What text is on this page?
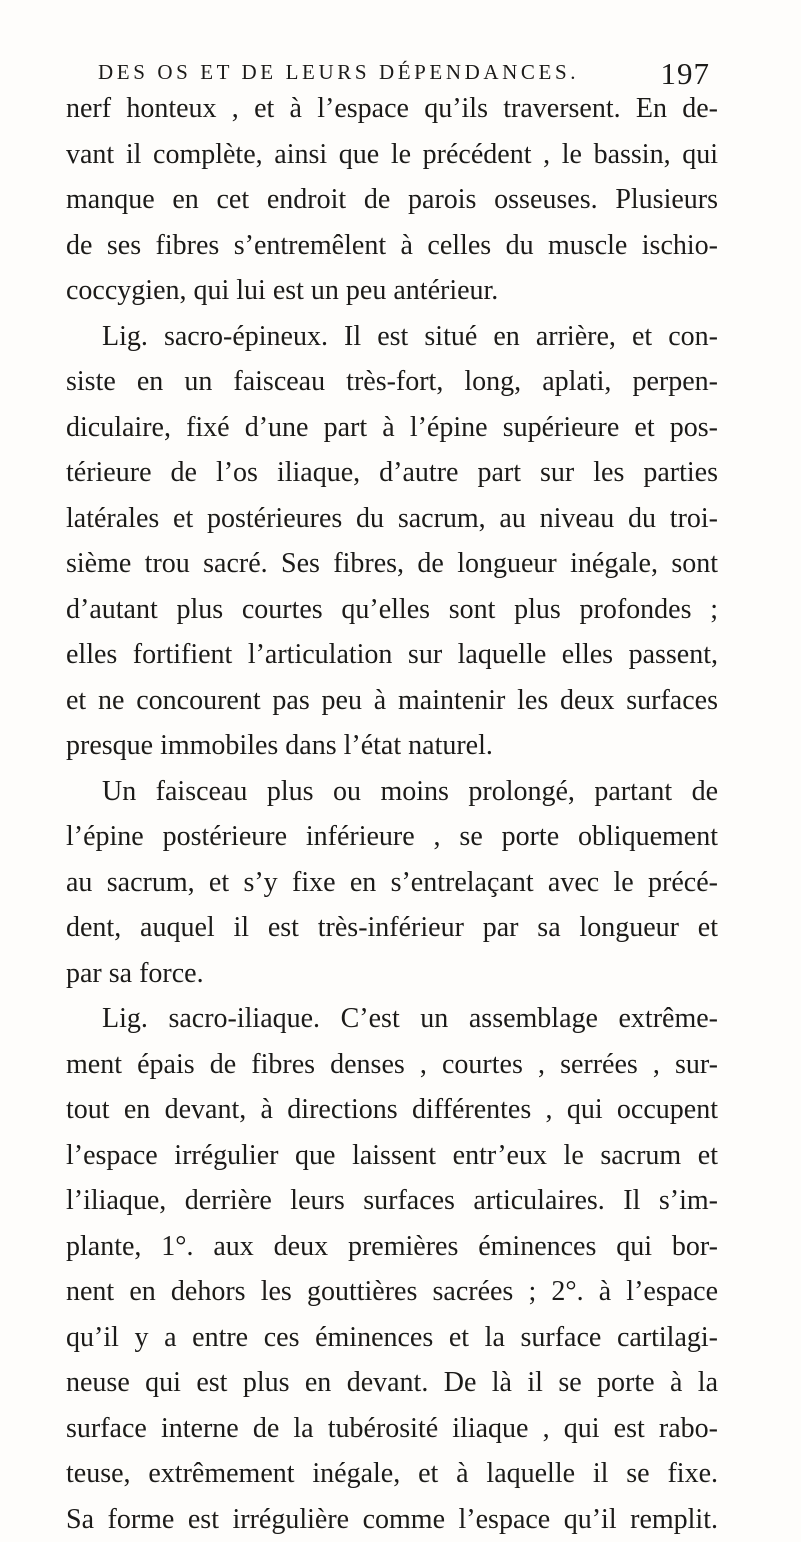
DES OS ET DE LEURS DÉPENDANCES.	197
nerf honteux , et à l’espace qu’ils traversent. En de-
vant il complète, ainsi que le précédent , le bassin, qui
manque en cet endroit de parois osseuses. Plusieurs
de ses fibres s’entremêlent à celles du muscle ischio-
coccygien, qui lui est un peu antérieur.
Lig. sacro-épineux. Il est situé en arrière, et con-
siste en un faisceau très-fort, long, aplati, perpen-
diculaire, fixé d’une part à l’épine supérieure et pos-
térieure de l’os iliaque, d’autre part sur les parties
latérales et postérieures du sacrum, au niveau du troi-
sième trou sacré. Ses fibres, de longueur inégale, sont
d’autant plus courtes qu’elles sont plus profondes ;
elles fortifient l’articulation sur laquelle elles passent,
et ne concourent pas peu à maintenir les deux surfaces
presque immobiles dans l’état naturel.
Un faisceau plus ou moins prolongé, partant de
l’épine postérieure inférieure , se porte obliquement
au sacrum, et s’y fixe en s’entrelaçant avec le précé-
dent, auquel il est très-inférieur par sa longueur et
par sa force.
Lig. sacro-iliaque. C’est un assemblage extrême-
ment épais de fibres denses , courtes , serrées , sur-
tout en devant, à directions différentes , qui occupent
l’espace irrégulier que laissent entr’eux le sacrum et
l’iliaque, derrière leurs surfaces articulaires. Il s’im-
plante, 1°. aux deux premières éminences qui bor-
nent en dehors les gouttières sacrées ; 2°. à l’espace
qu’il y a entre ces éminences et la surface cartilagi-
neuse qui est plus en devant. De là il se porte à la
surface interne de la tubérosité iliaque , qui est rabo-
teuse, extrêmement inégale, et à laquelle il se fixe.
Sa forme est irrégulière comme l’espace qu’il remplit.
